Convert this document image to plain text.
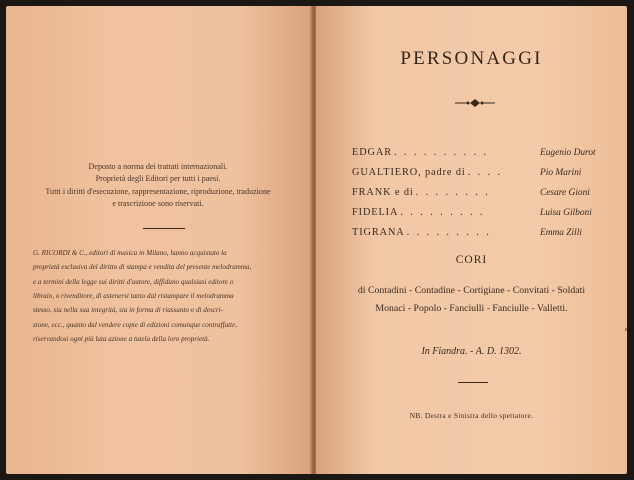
Deposto a norma dei trattati internazionali.
Proprietà degli Editori per tutti i paesi.
Tutti i diritti d'esecuzione, rappresentazione, riproduzione, traduzione
e trascrizione sono riservati.
G. RICORDI & C., editori di musica in Milano, hanno acquistato la
proprietà esclusiva del diritto di stampa e vendita del presente melodramma,
e a termini della legge sui diritti d'autore, diffidano qualsiasi editore o
libraio, o rivenditore, di astenersi tanto dal ristampare il melodramma
stesso, sia nella sua integrità, sia in forma di riassunto o di descri-
zione, ecc., quanto dal vendere copie di edizioni comunque contraffatte,
riservandosi ogni più lata azione a tutela della loro proprietà.
PERSONAGGI
EDGAR . . . . . . . . . .	Eugenio Durot
GUALTIERO, padre di . . . .	Pio Marini
FRANK e di . . . . . . . .	Cesare Gioni
FIDELIA . . . . . . . . .	Luisa Gilboni
TIGRANA . . . . . . . . .	Emma Zilli
CORI
di Contadini - Contadine - Cortigiane - Convitati - Soldati
Monaci - Popolo - Fanciulli - Fanciulle - Valletti.
In Fiandra. - A. D. 1302.
NB. Destra e Sinistra dello spettatore.
